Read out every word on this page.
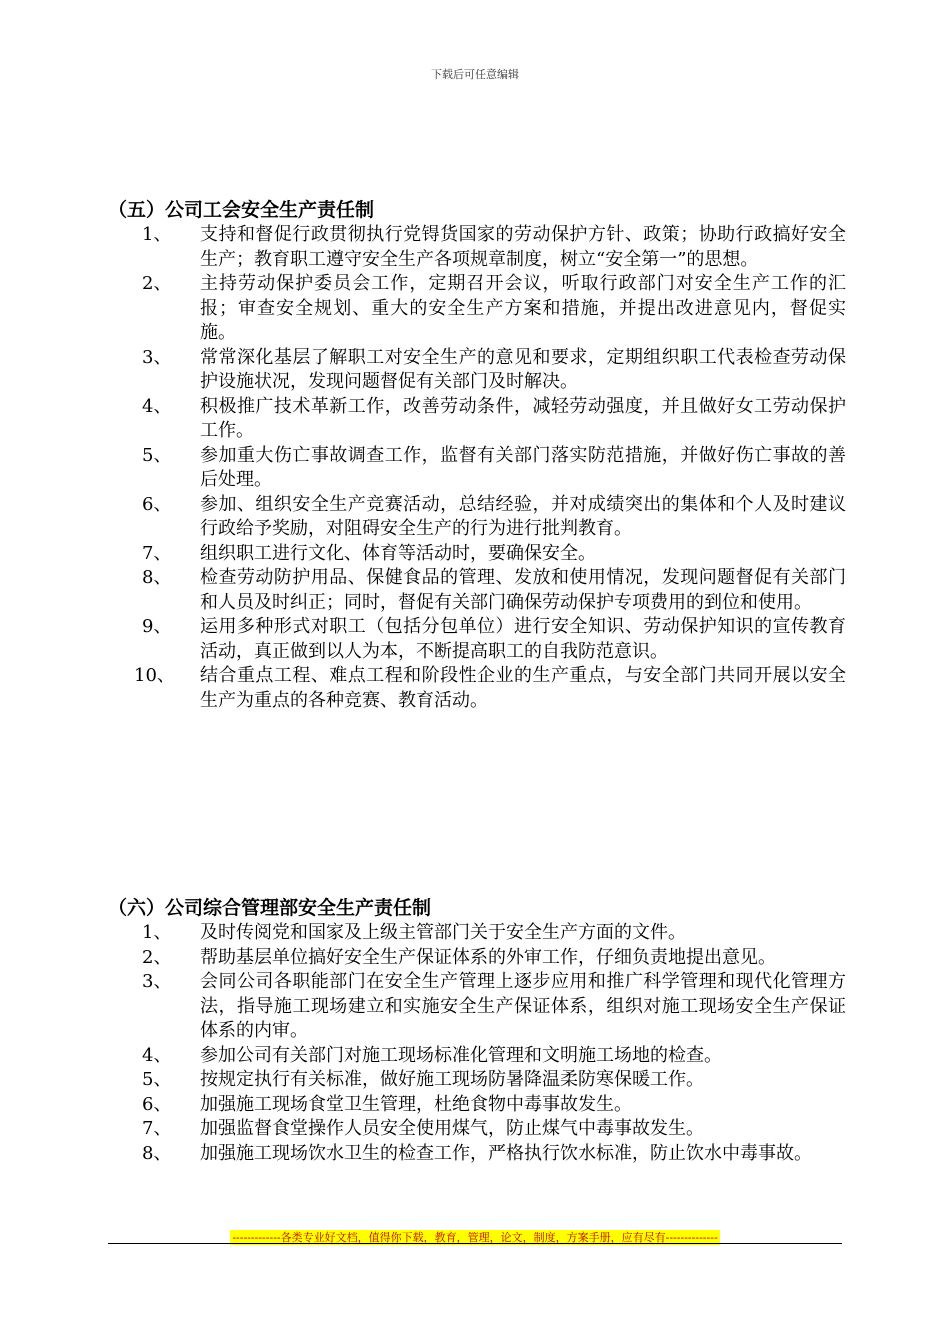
下载后可任意编辑
（五）公司工会安全生产责任制
1、	支持和督促行政贯彻执行党锝货国家的劳动保护方针、政策；协助行政搞好安全生产；教育职工遵守安全生产各项规章制度，树立“安全第一”的思想。
2、	主持劳动保护委员会工作，定期召开会议，听取行政部门对安全生产工作的汇报；审查安全规划、重大的安全生产方案和措施，并提出改进意见内，督促实施。
3、	常常深化基层了解职工对安全生产的意见和要求，定期组织职工代表检查劳动保护设施状况，发现问题督促有关部门及时解决。
4、	积极推广技术革新工作，改善劳动条件，减轻劳动强度，并且做好女工劳动保护工作。
5、	参加重大伤亡事故调查工作，监督有关部门落实防范措施，并做好伤亡事故的善后处理。
6、	参加、组织安全生产竞赛活动，总结经验，并对成绩突出的集体和个人及时建议行政给予奖励，对阻碍安全生产的行为进行批判教育。
7、	组织职工进行文化、体育等活动时，要确保安全。
8、	检查劳动防护用品、保健食品的管理、发放和使用情况，发现问题督促有关部门和人员及时纠正；同时，督促有关部门确保劳动保护专项费用的到位和使用。
9、	运用多种形式对职工（包括分包单位）进行安全知识、劳动保护知识的宣传教育活动，真正做到以人为本，不断提高职工的自我防范意识。
10、	结合重点工程、难点工程和阶段性企业的生产重点，与安全部门共同开展以安全生产为重点的各种竞赛、教育活动。
（六）公司综合管理部安全生产责任制
1、	及时传阅党和国家及上级主管部门关于安全生产方面的文件。
2、	帮助基层单位搞好安全生产保证体系的外审工作，仔细负责地提出意见。
3、	会同公司各职能部门在安全生产管理上逐步应用和推广科学管理和现代化管理方法，指导施工现场建立和实施安全生产保证体系，组织对施工现场安全生产保证体系的内审。
4、	参加公司有关部门对施工现场标准化管理和文明施工场地的检查。
5、	按规定执行有关标准，做好施工现场防暑降温柔防寒保暖工作。
6、	加强施工现场食堂卫生管理，杜绝食物中毒事故发生。
7、	加强监督食堂操作人员安全使用煤气，防止煤气中毒事故发生。
8、	加强施工现场饮水卫生的检查工作，严格执行饮水标准，防止饮水中毒事故。
-------------各类专业好文档，值得你下载，教育，管理，论文，制度，方案手册，应有尽有--------------
